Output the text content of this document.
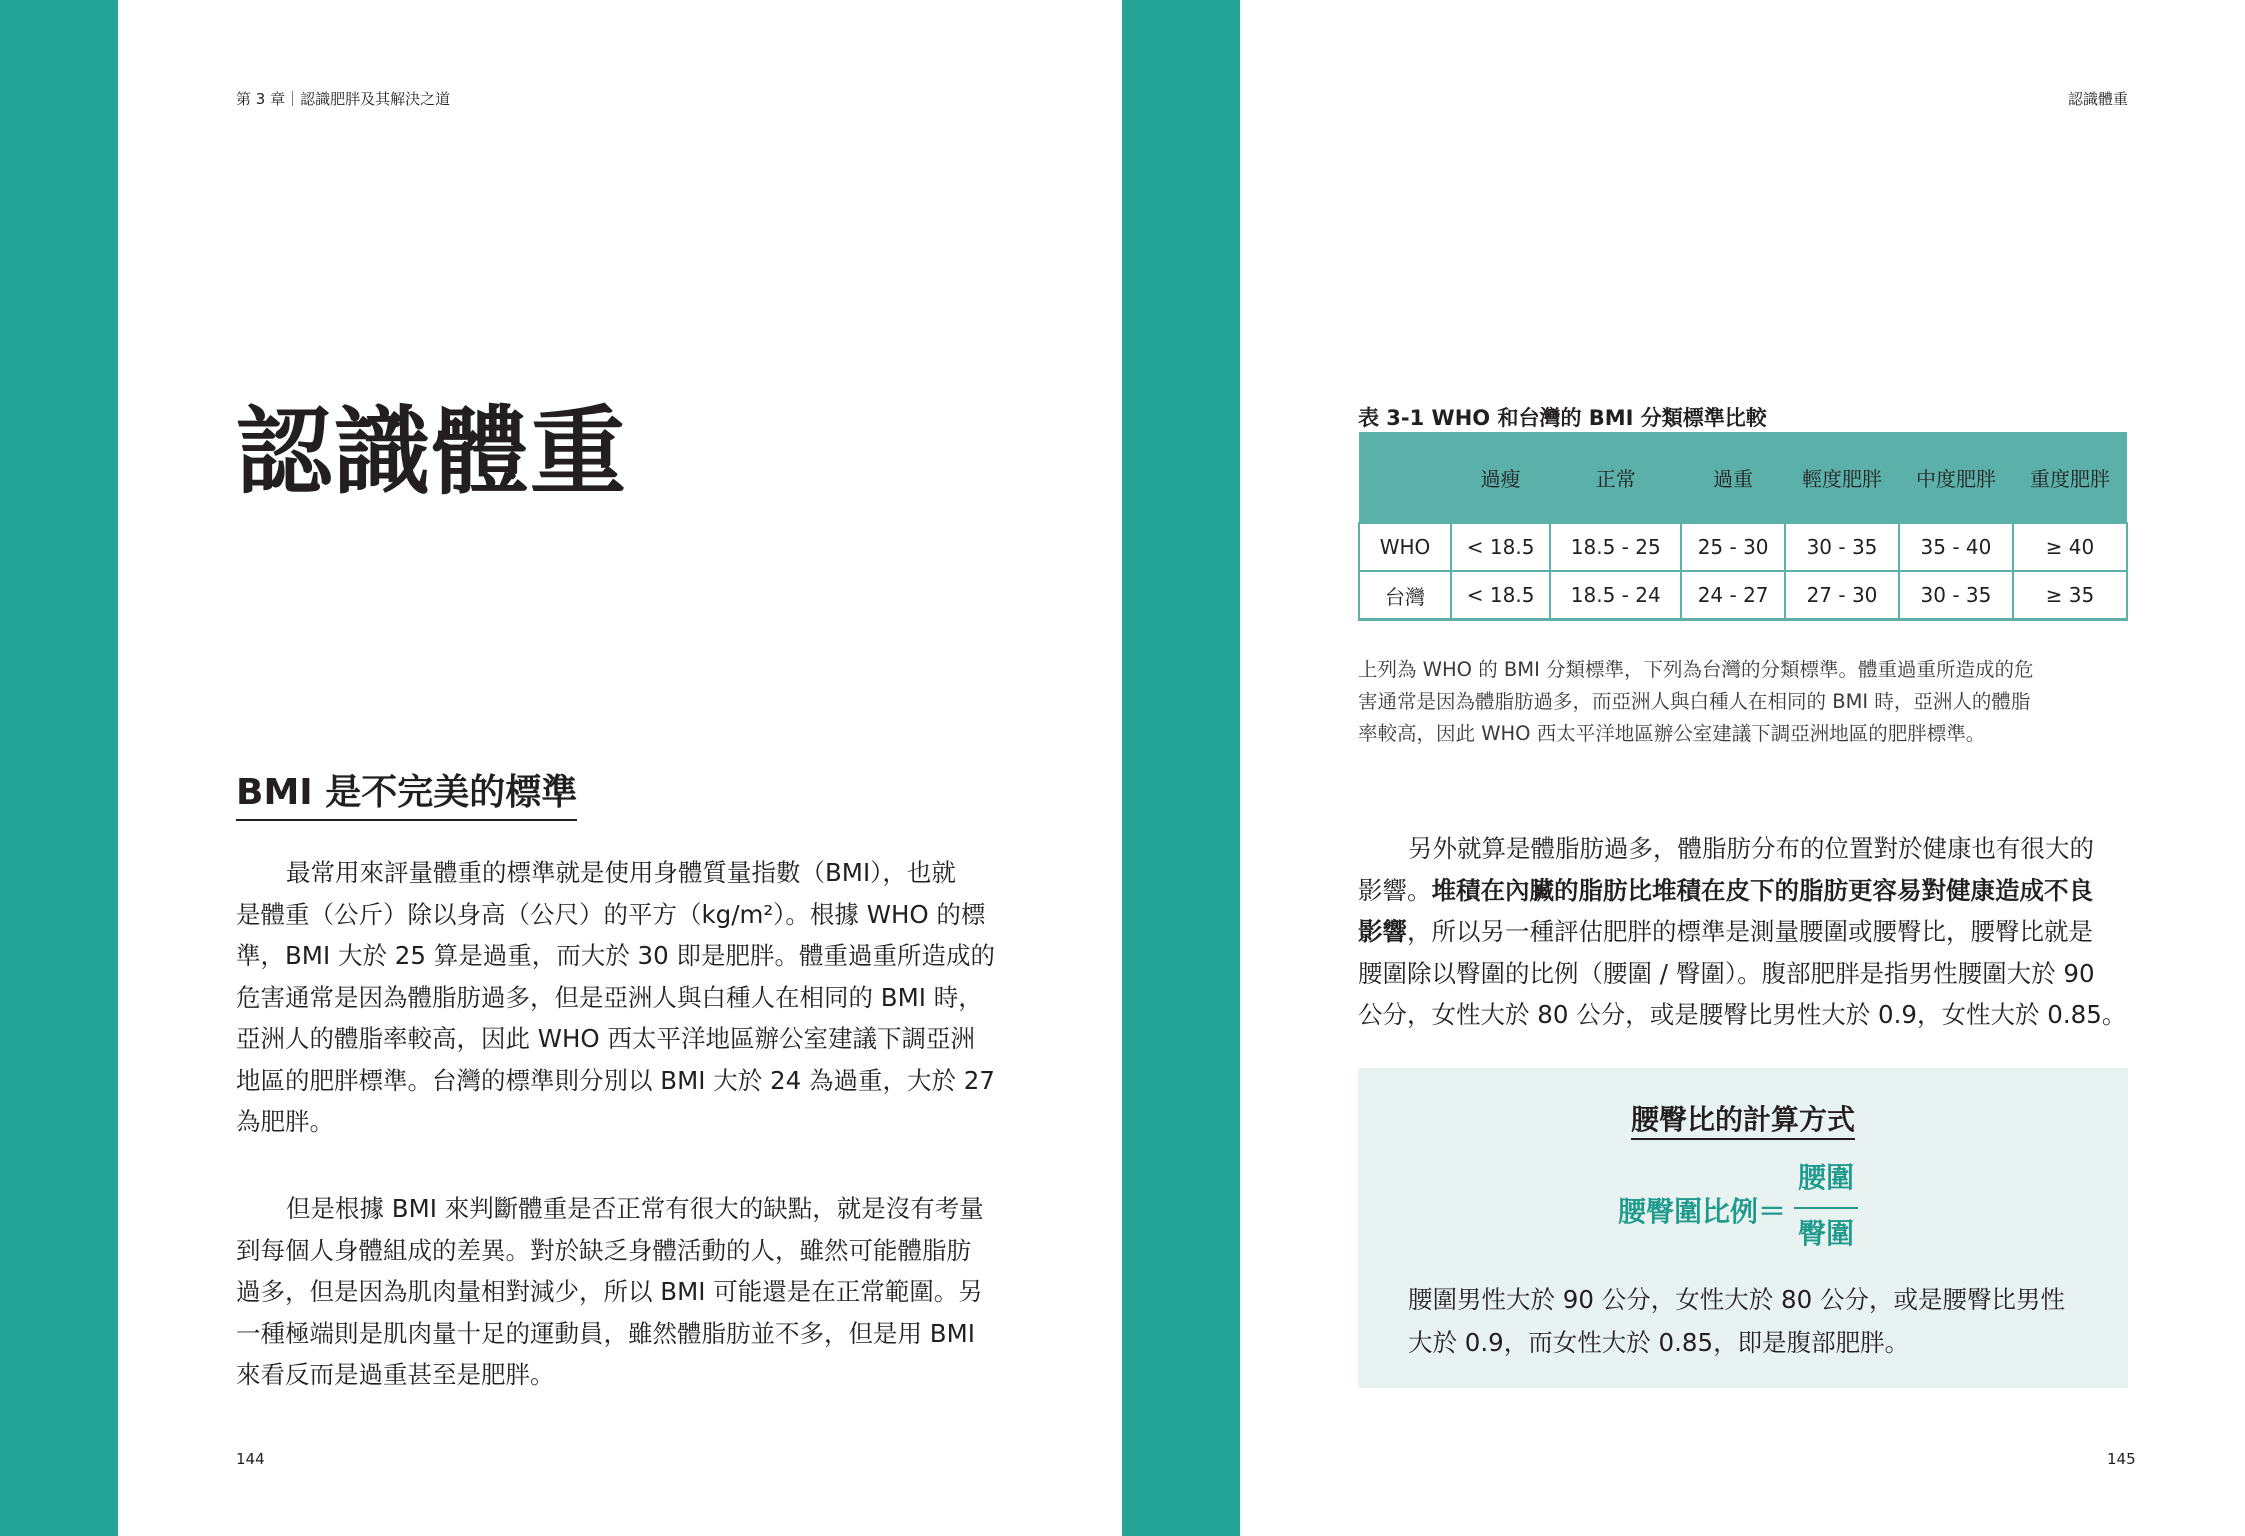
第 3 章｜認識肥胖及其解決之道
認識體重
BMI 是不完美的標準

最常用來評量體重的標準就是使用身體質量指數（BMI），也就
是體重（公斤）除以身高（公尺）的平方（kg/m²）。根據 WHO 的標
準，BMI 大於 25 算是過重，而大於 30 即是肥胖。體重過重所造成的
危害通常是因為體脂肪過多，但是亞洲人與白種人在相同的 BMI 時，
亞洲人的體脂率較高，因此 WHO 西太平洋地區辦公室建議下調亞洲
地區的肥胖標準。台灣的標準則分別以 BMI 大於 24 為過重，大於 27
為肥胖。

但是根據 BMI 來判斷體重是否正常有很大的缺點，就是沒有考量
到每個人身體組成的差異。對於缺乏身體活動的人，雖然可能體脂肪
過多，但是因為肌肉量相對減少，所以 BMI 可能還是在正常範圍。另
一種極端則是肌肉量十足的運動員，雖然體脂肪並不多，但是用 BMI
來看反而是過重甚至是肥胖。

144
認識體重

表 3-1 WHO 和台灣的 BMI 分類標準比較

	過瘦	正常	過重	輕度肥胖	中度肥胖	重度肥胖
WHO	< 18.5	18.5 - 25	25 - 30	30 - 35	35 - 40	≥ 40
台灣	< 18.5	18.5 - 24	24 - 27	27 - 30	30 - 35	≥ 35

上列為 WHO 的 BMI 分類標準，下列為台灣的分類標準。體重過重所造成的危
害通常是因為體脂肪過多，而亞洲人與白種人在相同的 BMI 時，亞洲人的體脂
率較高，因此 WHO 西太平洋地區辦公室建議下調亞洲地區的肥胖標準。

另外就算是體脂肪過多，體脂肪分布的位置對於健康也有很大的
影響。堆積在內臟的脂肪比堆積在皮下的脂肪更容易對健康造成不良
影響，所以另一種評估肥胖的標準是測量腰圍或腰臀比，腰臀比就是
腰圍除以臀圍的比例（腰圍 / 臀圍）。腹部肥胖是指男性腰圍大於 90
公分，女性大於 80 公分，或是腰臀比男性大於 0.9，女性大於 0.85。

腰臀比的計算方式

腰臀圍比例＝
腰圍
臀圍

腰圍男性大於 90 公分，女性大於 80 公分，或是腰臀比男性
大於 0.9，而女性大於 0.85，即是腹部肥胖。

145
